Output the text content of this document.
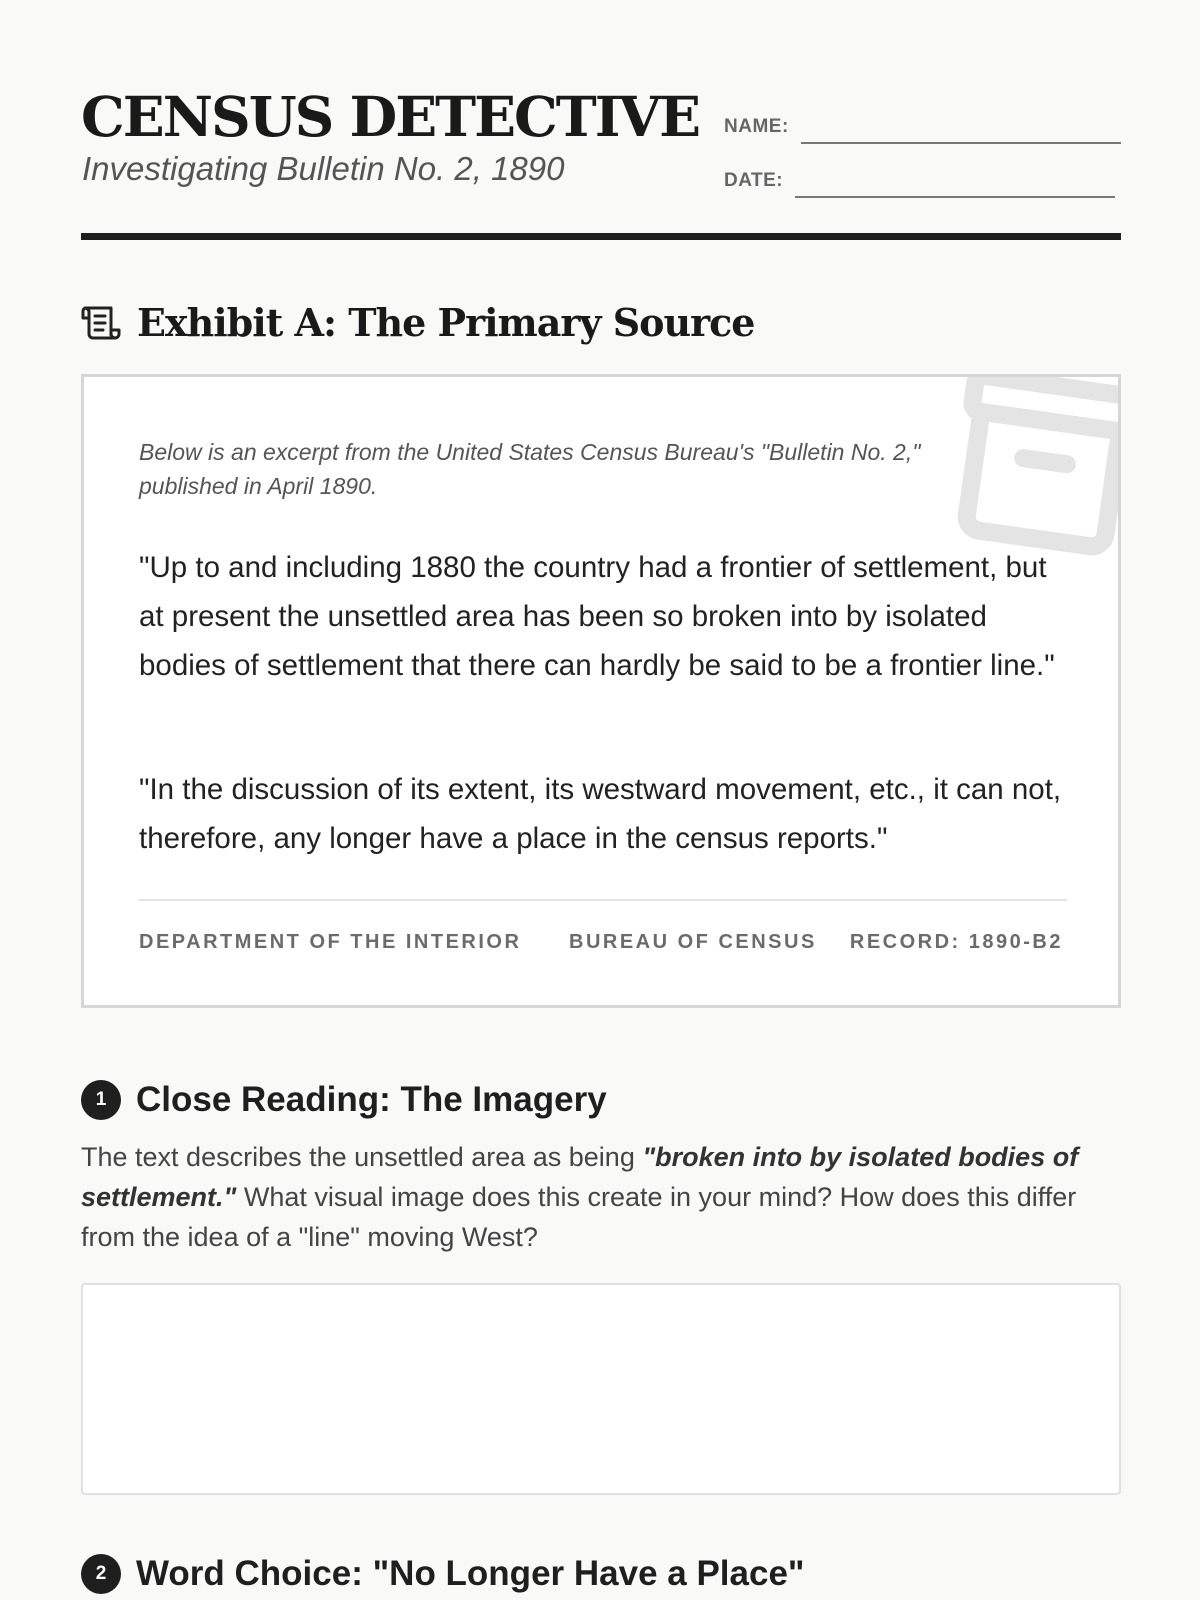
CENSUS DETECTIVE
Investigating Bulletin No. 2, 1890
NAME:
DATE:
Exhibit A: The Primary Source
Below is an excerpt from the United States Census Bureau's "Bulletin No. 2," published in April 1890.
"Up to and including 1880 the country had a frontier of settlement, but at present the unsettled area has been so broken into by isolated bodies of settlement that there can hardly be said to be a frontier line."
"In the discussion of its extent, its westward movement, etc., it can not, therefore, any longer have a place in the census reports."
DEPARTMENT OF THE INTERIOR BUREAU OF CENSUS RECORD: 1890-B2
1 Close Reading: The Imagery
The text describes the unsettled area as being "broken into by isolated bodies of settlement." What visual image does this create in your mind? How does this differ from the idea of a "line" moving West?
2 Word Choice: "No Longer Have a Place"
